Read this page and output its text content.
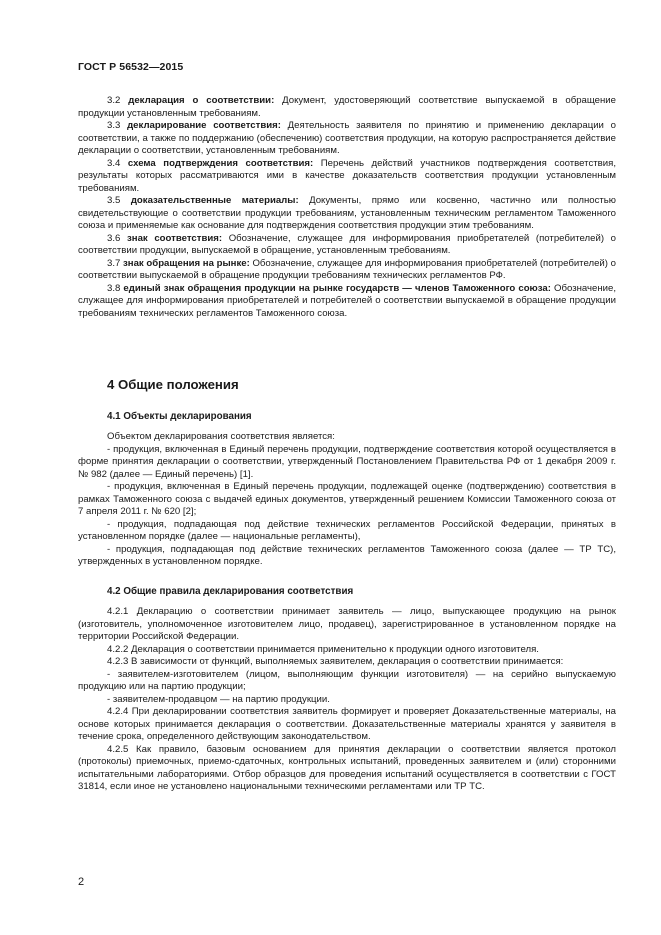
ГОСТ Р 56532—2015

3.2 декларация о соответствии: Документ, удостоверяющий соответствие выпускаемой в обращение продукции установленным требованиям.

3.3 декларирование соответствия: Деятельность заявителя по принятию и применению декларации о соответствии, а также по поддержанию (обеспечению) соответствия продукции, на которую распространяется действие декларации о соответствии, установленным требованиям.

3.4 схема подтверждения соответствия: Перечень действий участников подтверждения соответствия, результаты которых рассматриваются ими в качестве доказательств соответствия продукции установленным требованиям.

3.5 доказательственные материалы: Документы, прямо или косвенно, частично или полностью свидетельствующие о соответствии продукции требованиям, установленным техническим регламентом Таможенного союза и применяемые как основание для подтверждения соответствия продукции этим требованиям.

3.6 знак соответствия: Обозначение, служащее для информирования приобретателей (потребителей) о соответствии продукции, выпускаемой в обращение, установленным требованиям.

3.7 знак обращения на рынке: Обозначение, служащее для информирования приобретателей (потребителей) о соответствии выпускаемой в обращение продукции требованиям технических регламентов РФ.

3.8 единый знак обращения продукции на рынке государств — членов Таможенного союза: Обозначение, служащее для информирования приобретателей и потребителей о соответствии выпускаемой в обращение продукции требованиям технических регламентов Таможенного союза.

4 Общие положения
4.1 Объекты декларирования

Объектом декларирования соответствия является:

- продукция, включенная в Единый перечень продукции, подтверждение соответствия которой осуществляется в форме принятия декларации о соответствии, утвержденный Постановлением Правительства РФ от 1 декабря 2009 г. № 982 (далее — Единый перечень) [1].

- продукция, включенная в Единый перечень продукции, подлежащей оценке (подтверждению) соответствия в рамках Таможенного союза с выдачей единых документов, утвержденный решением Комиссии Таможенного союза от 7 апреля 2011 г. № 620 [2];

- продукция, подпадающая под действие технических регламентов Российской Федерации, принятых в установленном порядке (далее — национальные регламенты),

- продукция, подпадающая под действие технических регламентов Таможенного союза (далее — ТР ТС), утвержденных в установленном порядке.

4.2 Общие правила декларирования соответствия

4.2.1 Декларацию о соответствии принимает заявитель — лицо, выпускающее продукцию на рынок (изготовитель, уполномоченное изготовителем лицо, продавец), зарегистрированное в установленном порядке на территории Российской Федерации.

4.2.2 Декларация о соответствии принимается применительно к продукции одного изготовителя.

4.2.3 В зависимости от функций, выполняемых заявителем, декларация о соответствии принимается:

- заявителем-изготовителем (лицом, выполняющим функции изготовителя) — на серийно выпускаемую продукцию или на партию продукции;

- заявителем-продавцом — на партию продукции.

4.2.4 При декларировании соответствия заявитель формирует и проверяет Доказательственные материалы, на основе которых принимается декларация о соответствии. Доказательственные материалы хранятся у заявителя в течение срока, определенного действующим законодательством.

4.2.5 Как правило, базовым основанием для принятия декларации о соответствии является протокол (протоколы) приемочных, приемо-сдаточных, контрольных испытаний, проведенных заявителем и (или) сторонними испытательными лабораториями. Отбор образцов для проведения испытаний осуществляется в соответствии с ГОСТ 31814, если иное не установлено национальными техническими регламентами или ТР ТС.

2
